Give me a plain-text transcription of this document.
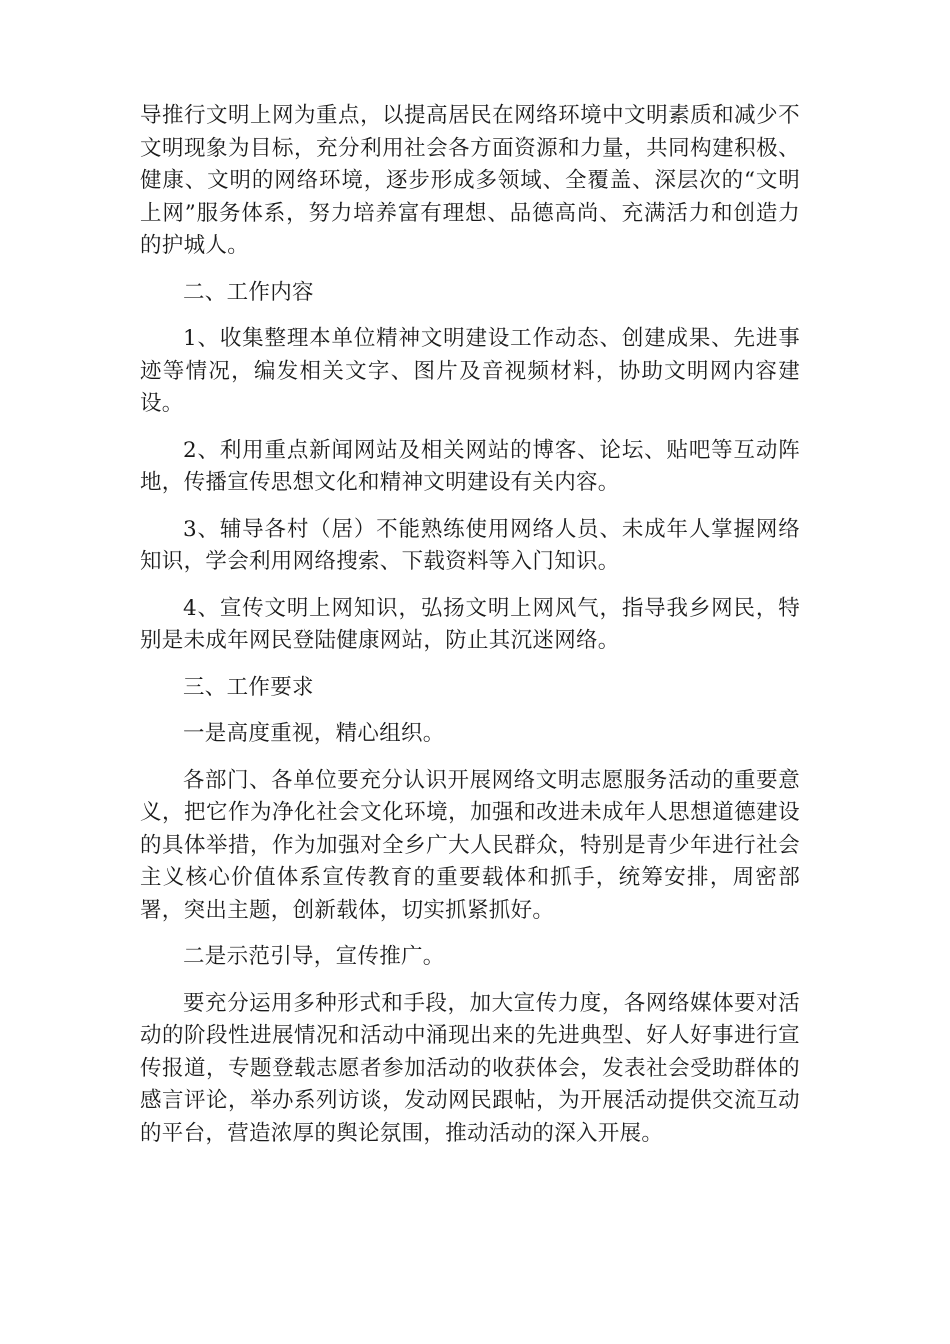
导推行文明上网为重点，以提高居民在网络环境中文明素质和减少不文明现象为目标，充分利用社会各方面资源和力量，共同构建积极、健康、文明的网络环境，逐步形成多领域、全覆盖、深层次的“文明上网”服务体系，努力培养富有理想、品德高尚、充满活力和创造力的护城人。

二、工作内容

1、收集整理本单位精神文明建设工作动态、创建成果、先进事迹等情况，编发相关文字、图片及音视频材料，协助文明网内容建设。

2、利用重点新闻网站及相关网站的博客、论坛、贴吧等互动阵地，传播宣传思想文化和精神文明建设有关内容。

3、辅导各村（居）不能熟练使用网络人员、未成年人掌握网络知识，学会利用网络搜索、下载资料等入门知识。

4、宣传文明上网知识，弘扬文明上网风气，指导我乡网民，特别是未成年网民登陆健康网站，防止其沉迷网络。

三、工作要求

一是高度重视，精心组织。

各部门、各单位要充分认识开展网络文明志愿服务活动的重要意义，把它作为净化社会文化环境，加强和改进未成年人思想道德建设的具体举措，作为加强对全乡广大人民群众，特别是青少年进行社会主义核心价值体系宣传教育的重要载体和抓手，统筹安排，周密部署，突出主题，创新载体，切实抓紧抓好。

二是示范引导，宣传推广。

要充分运用多种形式和手段，加大宣传力度，各网络媒体要对活动的阶段性进展情况和活动中涌现出来的先进典型、好人好事进行宣传报道，专题登载志愿者参加活动的收获体会，发表社会受助群体的感言评论，举办系列访谈，发动网民跟帖，为开展活动提供交流互动的平台，营造浓厚的舆论氛围，推动活动的深入开展。
